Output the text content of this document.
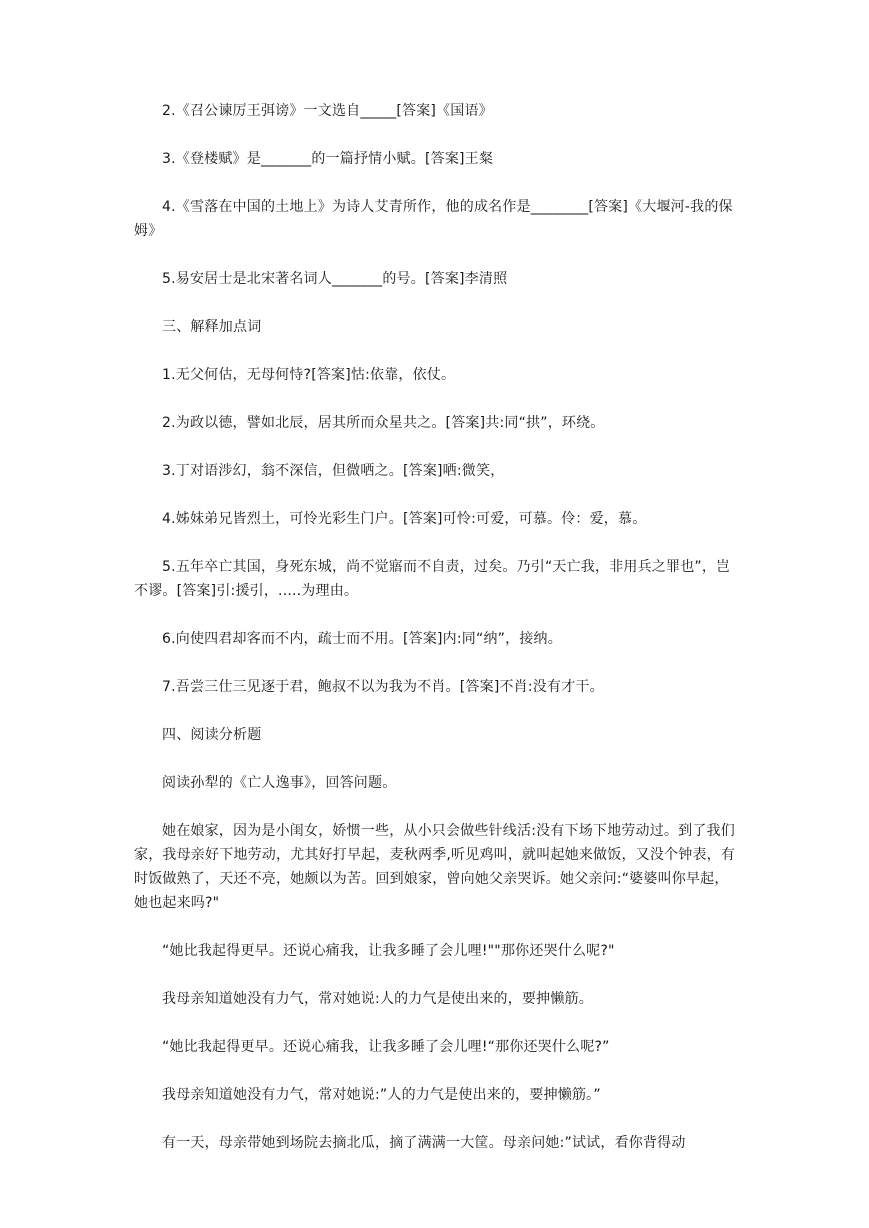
2.《召公谏厉王弭谤》一文选自_____[答案]《国语》

3.《登楼赋》是_______的一篇抒情小赋。[答案]王粲

4.《雪落在中国的土地上》为诗人艾青所作，他的成名作是________[答案]《大堰河-我的保姆》

5.易安居士是北宋著名词人_______的号。[答案]李清照

三、解释加点词

1.无父何估，无母何恃?[答案]怙:依靠，依仗。

2.为政以德，譬如北辰，居其所而众星共之。[答案]共:同“拱”，环绕。

3.丁对语涉幻，翁不深信，但微哂之。[答案]哂:微笑，

4.姊妹弟兄皆烈土，可怜光彩生门户。[答案]可怜:可爱，可慕。伶：爱，慕。

5.五年卒亡其国，身死东城，尚不觉寤而不自责，过矣。乃引“天亡我，非用兵之罪也”，岂不谬。[答案]引:援引，.....为理由。

6.向使四君却客而不内，疏士而不用。[答案]内:同“纳”，接纳。

7.吾尝三仕三见逐于君，鲍叔不以为我为不肖。[答案]不肖:没有才干。

四、阅读分析题

阅读孙犁的《亡人逸事》，回答问题。

她在娘家，因为是小闺女，娇惯一些，从小只会做些针线活:没有下场下地劳动过。到了我们家，我母亲好下地劳动，尤其好打早起，麦秋两季,听见鸡叫，就叫起她来做饭，又没个钟表，有时饭做熟了，天还不亮，她颇以为苦。回到娘家，曾向她父亲哭诉。她父亲问:“婆婆叫你早起，她也起来吗?"

“她比我起得更早。还说心痛我，让我多睡了会儿哩!""那你还哭什么呢?"

我母亲知道她没有力气，常对她说:人的力气是使出来的，要抻懒筋。

“她比我起得更早。还说心痛我，让我多睡了会儿哩!“那你还哭什么呢?”

我母亲知道她没有力气，常对她说:”人的力气是使出来的，要抻懒筋。”

有一天，母亲带她到场院去摘北瓜，摘了满满一大筐。母亲问她:”试试，看你背得动
